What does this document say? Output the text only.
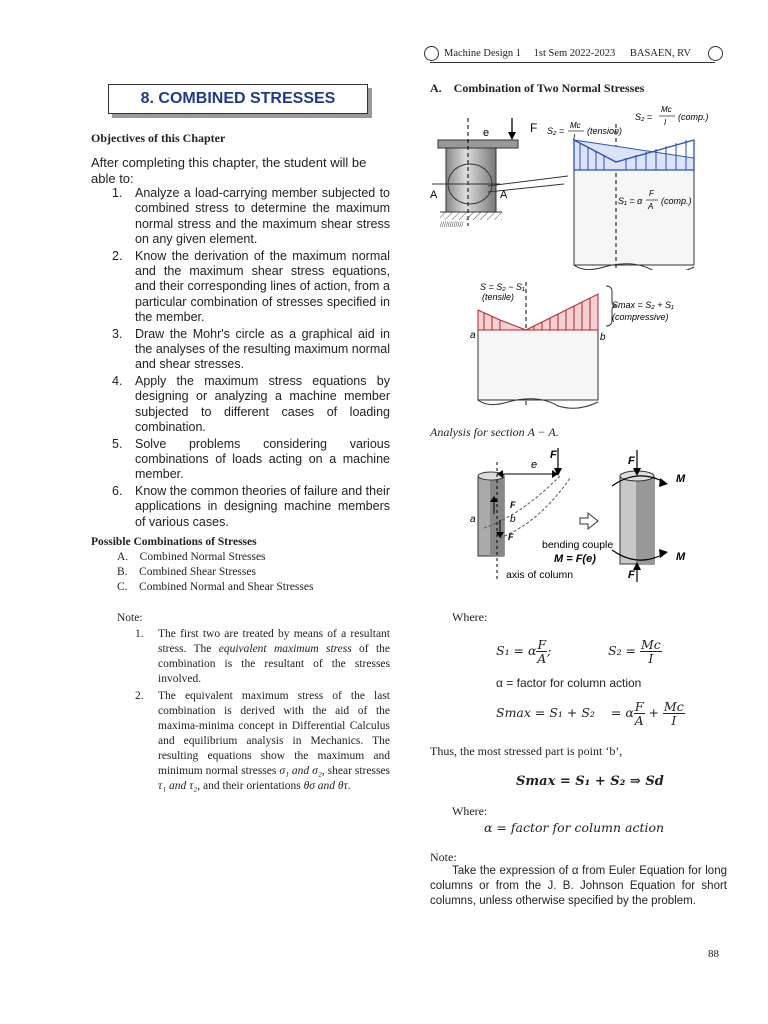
Machine Design 1 1st Sem 2022-2023 BASAEN, RV
8. COMBINED STRESSES
Objectives of this Chapter
After completing this chapter, the student will be able to:
1.	Analyze a load-carrying member subjected to combined stress to determine the maximum normal stress and the maximum shear stress on any given element.
2.	Know the derivation of the maximum normal and the maximum shear stress equations, and their corresponding lines of action, from a particular combination of stresses specified in the member.
3.	Draw the Mohr's circle as a graphical aid in the analyses of the resulting maximum normal and shear stresses.
4.	Apply the maximum stress equations by designing or analyzing a machine member subjected to different cases of loading combination.
5.	Solve problems considering various combinations of loads acting on a machine member.
6.	Know the common theories of failure and their applications in designing machine members of various cases.
Possible Combinations of Stresses
A. Combined Normal Stresses
B. Combined Shear Stresses
C. Combined Normal and Shear Stresses
Note:
1.	The first two are treated by means of a resultant stress. The equivalent maximum stress of the combination is the resultant of the stresses involved.
2.	The equivalent maximum stress of the last combination is derived with the aid of the maxima-minima concept in Differential Calculus and equilibrium analysis in Mechanics. The resulting equations show the maximum and minimum normal stresses σ₁ and σ₂, shear stresses τ₁ and τ₂, and their orientations θσ and θτ.
A. Combination of Two Normal Stresses
e	F
A	A
////////////
S₂ =
Mc
I
(tension)
S₂ =
Mc
I
(comp.)
S₁ = α
F
A
(comp.)
S = S₂ − S₁
(tensile)
Smax = S₂ + S₁
(compressive)
a	b
Analysis for section A − A.
e
F
F
F
a	b
F
M
M
F
bending couple
M = F(e)
axis of column
Where:
S₁ = α $\frac{F}{A}$ ;	$S_2 = \frac{Mc}{I}$
α = factor for column action
Smax = S₁ + S₂ = α $\frac{F}{A} + \frac{Mc}{I}$
Thus, the most stressed part is point ‘b’,
Smax = S₁ + S₂ ⇒ Sd
Where:
α = factor for column action
Note:
Take the expression of α from Euler Equation for long columns or from the J. B. Johnson Equation for short columns, unless otherwise specified by the problem.
88
